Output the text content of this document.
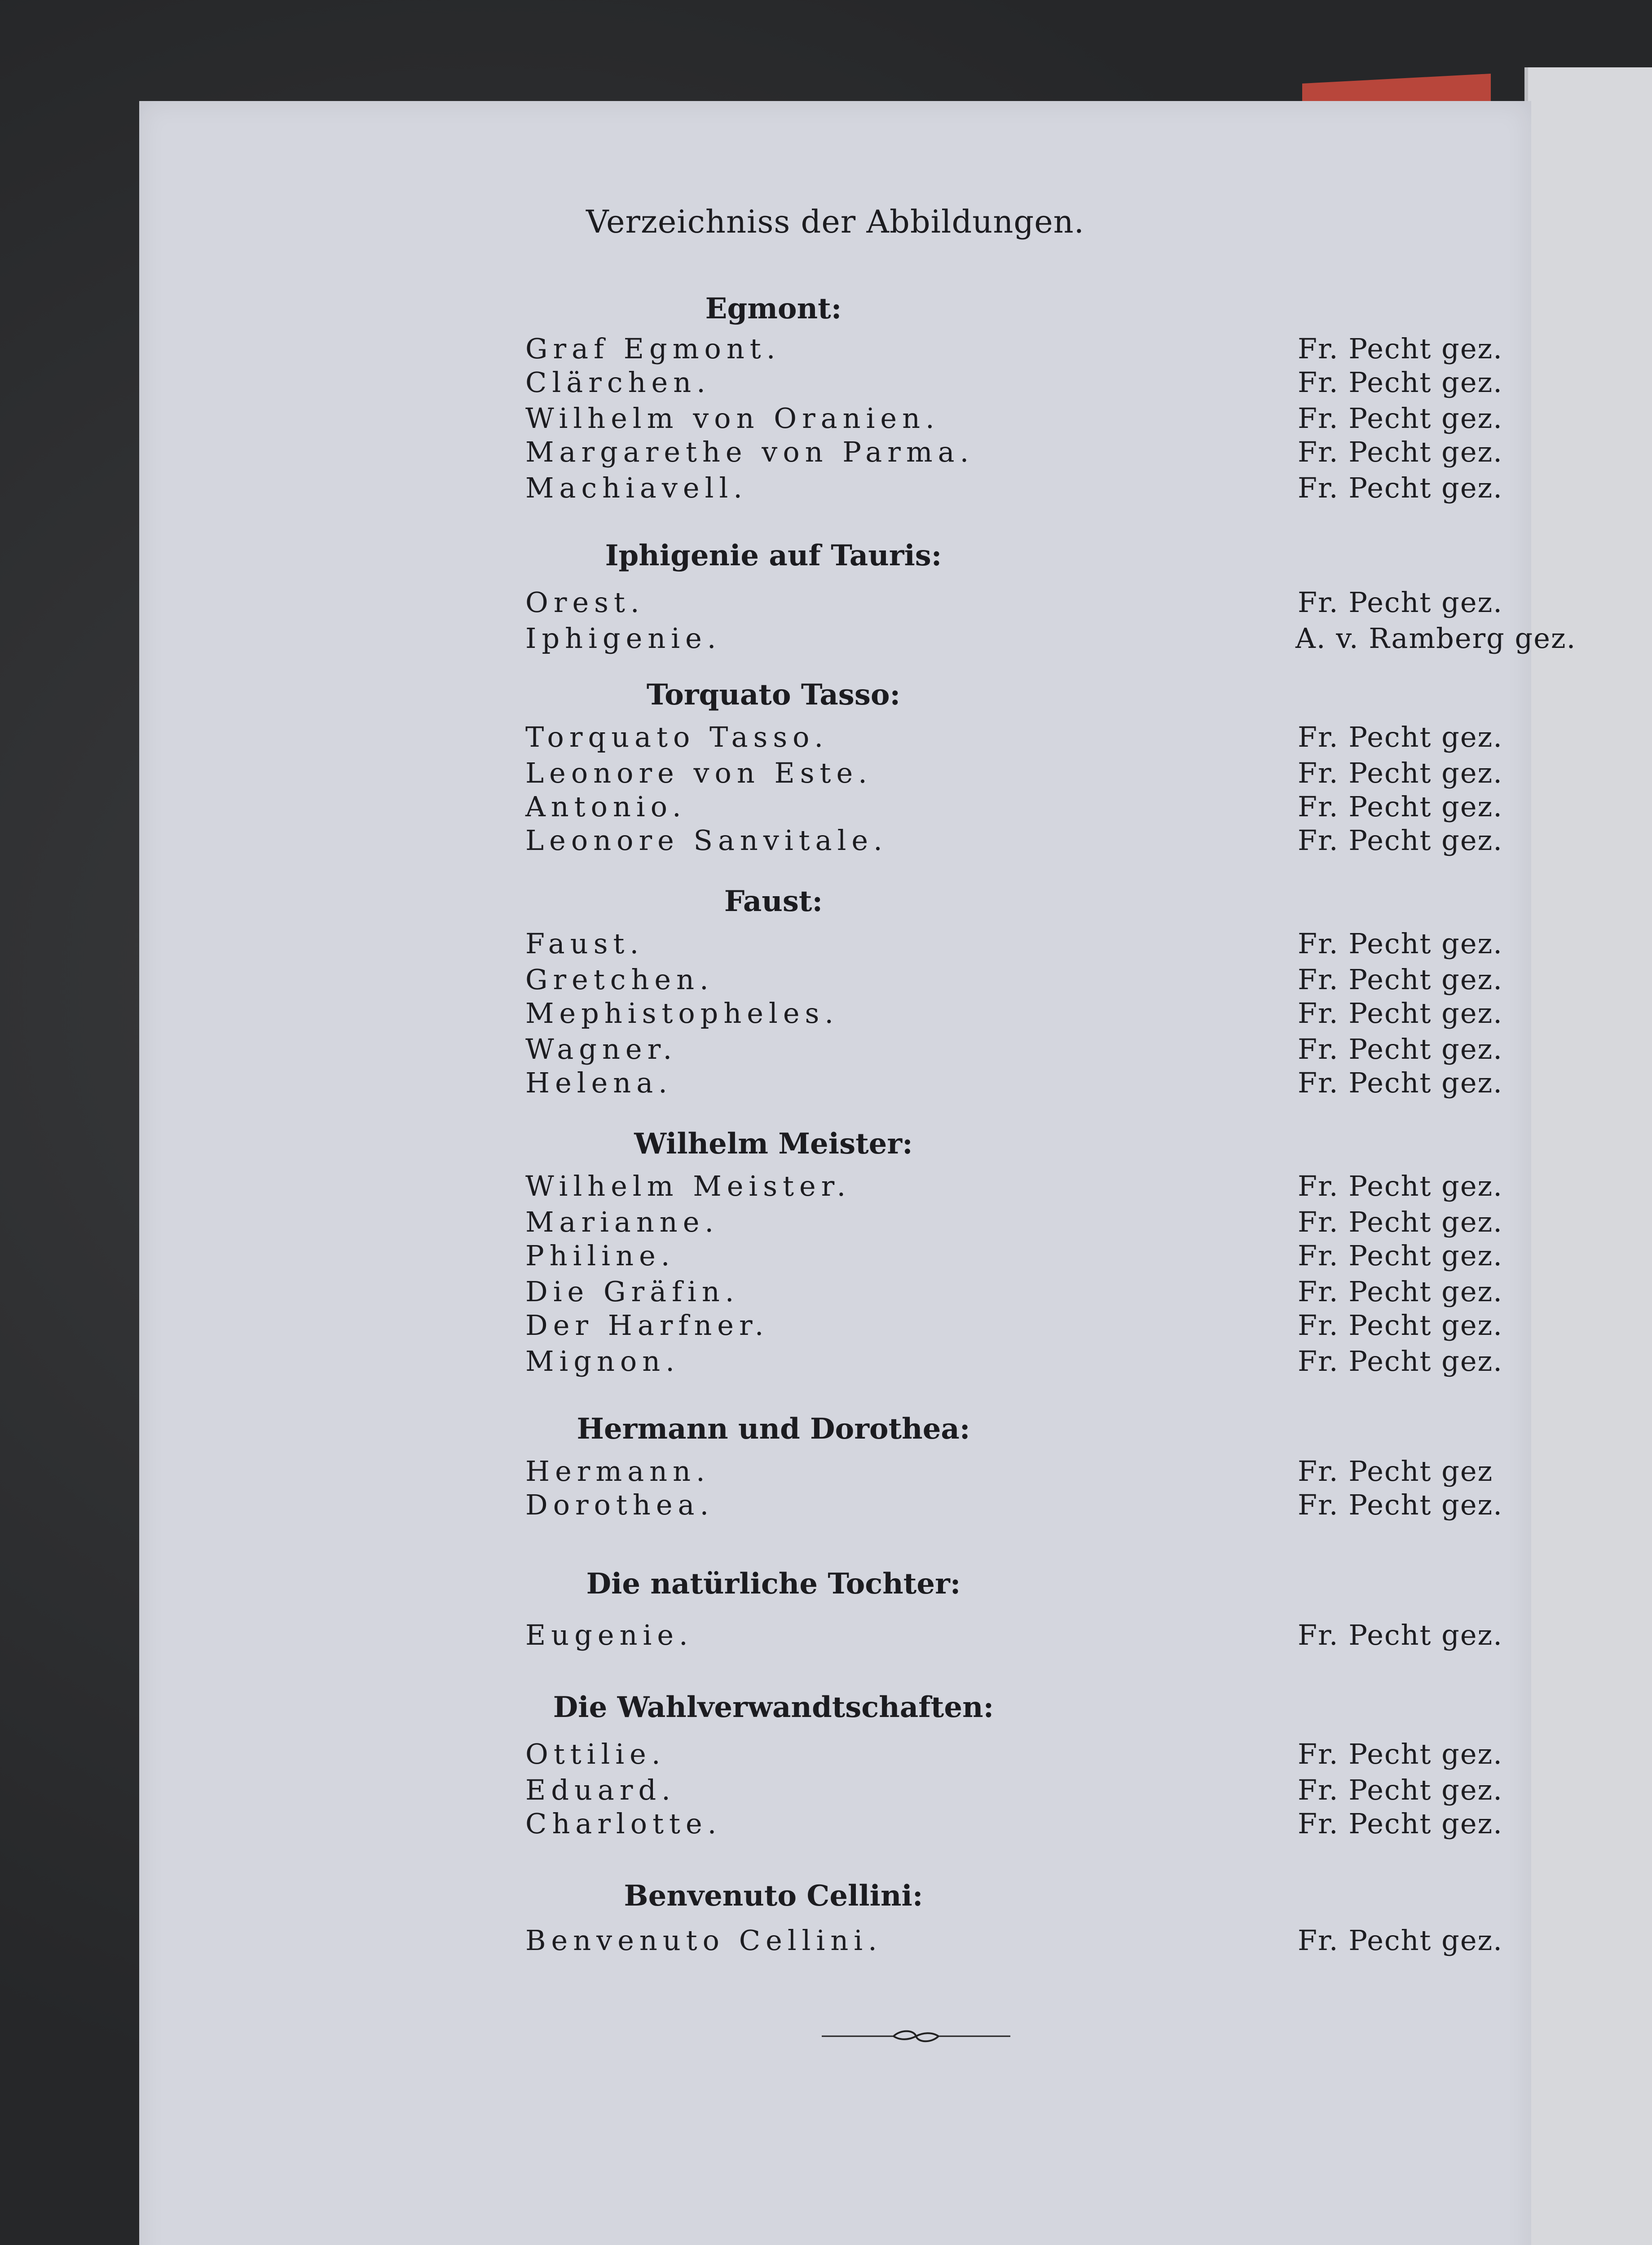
Verzeichniss der Abbildungen.
Egmont:
Graf Egmont.	Fr. Pecht gez.
Clärchen.	Fr. Pecht gez.
Wilhelm von Oranien.	Fr. Pecht gez.
Margarethe von Parma.	Fr. Pecht gez.
Machiavell.	Fr. Pecht gez.
Iphigenie auf Tauris:
Orest.	Fr. Pecht gez.
Iphigenie.	A. v. Ramberg gez.
Torquato Tasso:
Torquato Tasso.	Fr. Pecht gez.
Leonore von Este.	Fr. Pecht gez.
Antonio.	Fr. Pecht gez.
Leonore Sanvitale.	Fr. Pecht gez.
Faust:
Faust.	Fr. Pecht gez.
Gretchen.	Fr. Pecht gez.
Mephistopheles.	Fr. Pecht gez.
Wagner.	Fr. Pecht gez.
Helena.	Fr. Pecht gez.
Wilhelm Meister:
Wilhelm Meister.	Fr. Pecht gez.
Marianne.	Fr. Pecht gez.
Philine.	Fr. Pecht gez.
Die Gräfin.	Fr. Pecht gez.
Der Harfner.	Fr. Pecht gez.
Mignon.	Fr. Pecht gez.
Hermann und Dorothea:
Hermann.	Fr. Pecht gez
Dorothea.	Fr. Pecht gez.
Die natürliche Tochter:
Eugenie.	Fr. Pecht gez.
Die Wahlverwandtschaften:
Ottilie.	Fr. Pecht gez.
Eduard.	Fr. Pecht gez.
Charlotte.	Fr. Pecht gez.
Benvenuto Cellini:
Benvenuto Cellini.	Fr. Pecht gez.
